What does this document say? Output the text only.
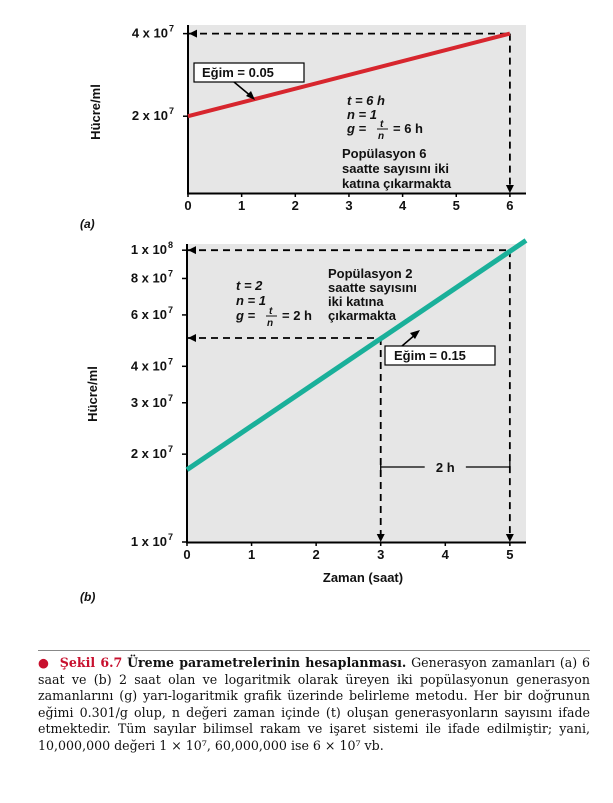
2 x 10 7
4 x 10 7
0	1	2	3	4	5	6
Hücre/ml
(a)
Eğim = 0.05
t = 6 h
n = 1
g = t
n
= 6 h
Popülasyon 6
saatte sayısını iki
katına çıkarmakta
1 x 10 7
2 x 10 7
3 x 10 7
4 x 10 7
6 x 10 7
8 x 10 7
1 x 10 8
0	1	2	3	4	5
2 h
Hücre/ml
Zaman (saat)
(b)
t = 2
n = 1
g = t
n
= 2 h
Popülasyon 2
saatte sayısını
iki katına
çıkarmakta
Eğim = 0.15
● Şekil 6.7 Üreme parametrelerinin hesaplanması. Generasyon zamanları (a) 6 saat ve (b) 2 saat olan ve logaritmik olarak üreyen iki popülasyonun generasyon zamanlarını (g) yarı-logaritmik grafik üzerinde belirleme metodu. Her bir doğrunun eğimi 0.301/g olup, n değeri zaman içinde (t) oluşan generasyonların sayısını ifade etmektedir. Tüm sayılar bilimsel rakam ve işaret sistemi ile ifade edilmiştir; yani, 10,000,000 değeri 1 × 10⁷, 60,000,000 ise 6 × 10⁷ vb.
